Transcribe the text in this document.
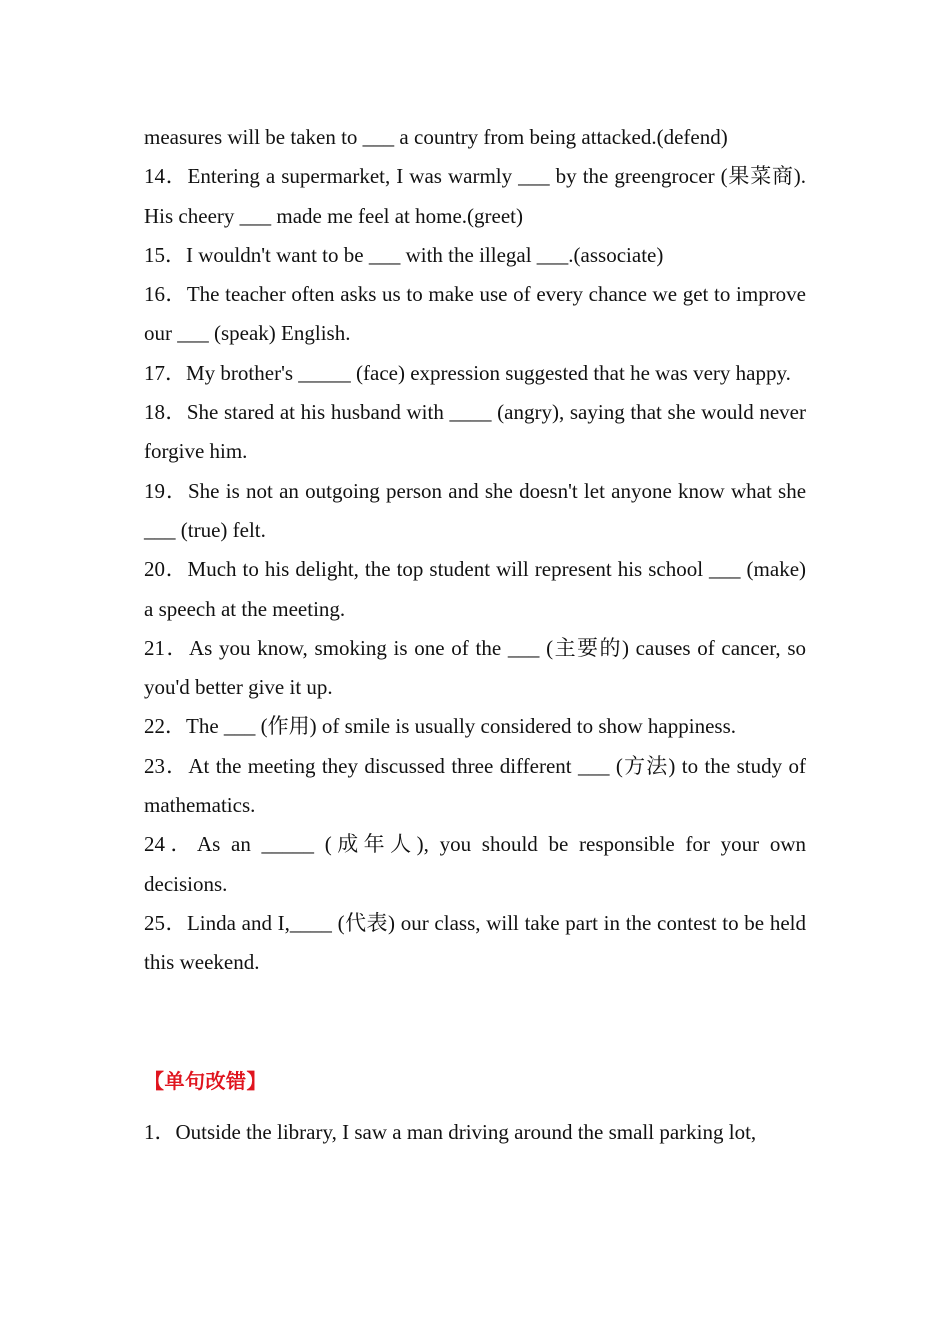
measures will be taken to ___ a country from being attacked.(defend)

14．Entering a supermarket, I was warmly ___ by the greengrocer (果菜商). His cheery ___ made me feel at home.(greet)

15．I wouldn't want to be ___ with the illegal ___.(associate)

16．The teacher often asks us to make use of every chance we get to improve our ___ (speak) English.

17．My brother's _____ (face) expression suggested that he was very happy.

18．She stared at his husband with ____ (angry), saying that she would never forgive him.

19．She is not an outgoing person and she doesn't let anyone know what she ___ (true) felt.

20．Much to his delight, the top student will represent his school ___ (make) a speech at the meeting.

21．As you know, smoking is one of the ___ (主要的) causes of cancer, so you'd better give it up.

22．The ___ (作用) of smile is usually considered to show happiness.

23．At the meeting they discussed three different ___ (方法) to the study of mathematics.

24．As an _____ (成年人), you should be responsible for your own decisions.

25．Linda and I,____ (代表) our class, will take part in the contest to be held this weekend.

【单句改错】

1．Outside the library, I saw a man driving around the small parking lot,
